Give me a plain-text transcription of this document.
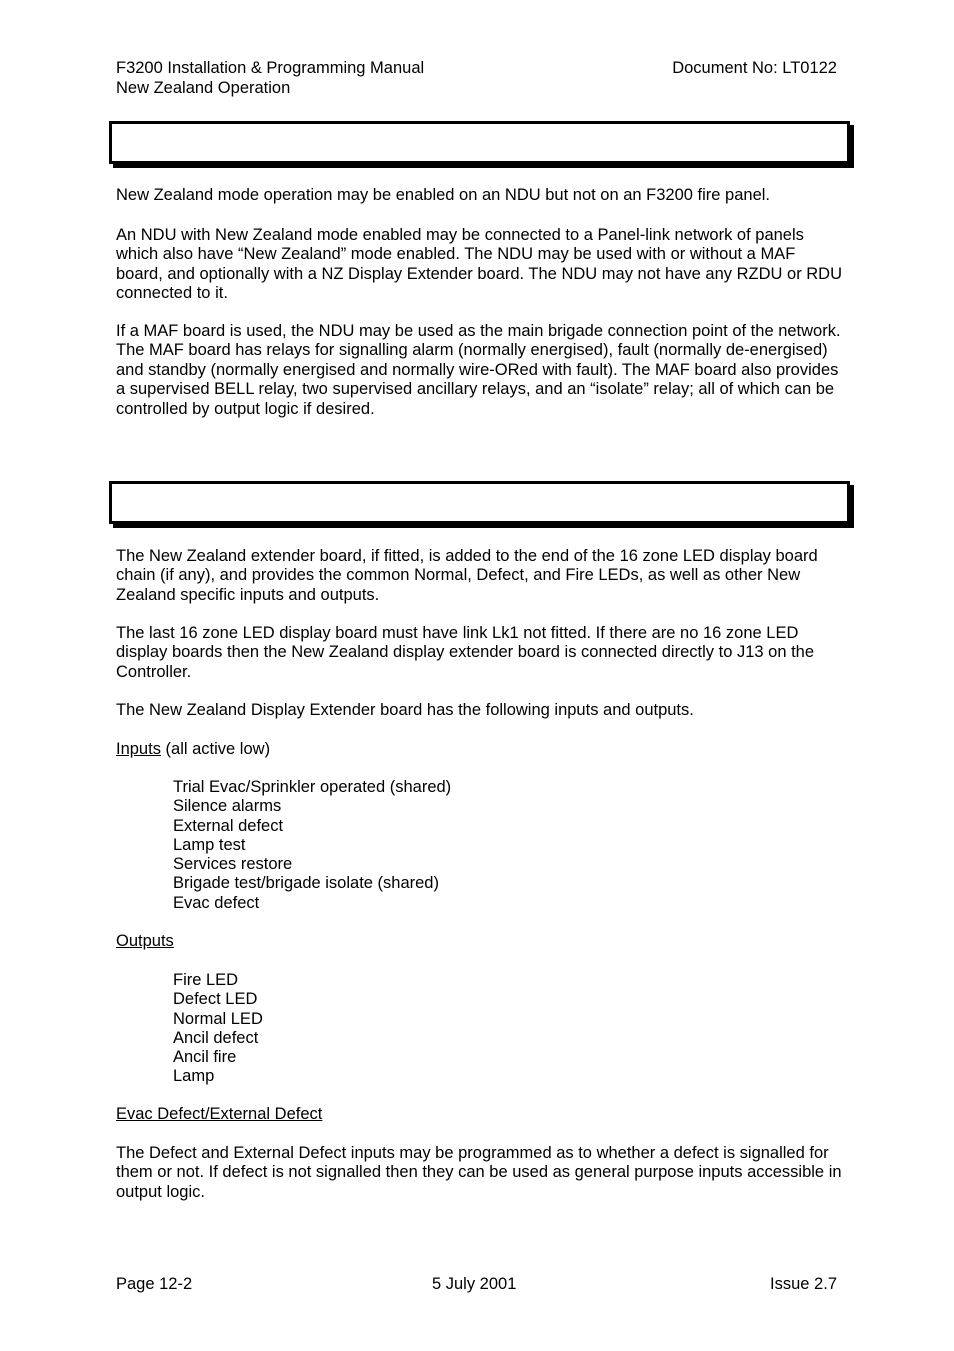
F3200 Installation & Programming Manual
New Zealand Operation
Document No: LT0122
New Zealand mode operation may be enabled on an NDU but not on an F3200 fire panel.
An NDU with New Zealand mode enabled may be connected to a Panel-link network of panels which also have “New Zealand” mode enabled. The NDU may be used with or without a MAF board, and optionally with a NZ Display Extender board. The NDU may not have any RZDU or RDU connected to it.
If a MAF board is used, the NDU may be used as the main brigade connection point of the network. The MAF board has relays for signalling alarm (normally energised), fault (normally de-energised) and standby (normally energised and normally wire-ORed with fault). The MAF board also provides a supervised BELL relay, two supervised ancillary relays, and an “isolate” relay; all of which can be controlled by output logic if desired.
The New Zealand extender board, if fitted, is added to the end of the 16 zone LED display board chain (if any), and provides the common Normal, Defect, and Fire LEDs, as well as other New Zealand specific inputs and outputs.
The last 16 zone LED display board must have link Lk1 not fitted. If there are no 16 zone LED display boards then the New Zealand display extender board is connected directly to J13 on the Controller.
The New Zealand Display Extender board has the following inputs and outputs.
Inputs (all active low)
Trial Evac/Sprinkler operated (shared)
Silence alarms
External defect
Lamp test
Services restore
Brigade test/brigade isolate (shared)
Evac defect
Outputs
Fire LED
Defect LED
Normal LED
Ancil defect
Ancil fire
Lamp
Evac Defect/External Defect
The Defect and External Defect inputs may be programmed as to whether a defect is signalled for them or not. If defect is not signalled then they can be used as general purpose inputs accessible in output logic.
Page 12-2	5 July 2001	Issue 2.7
